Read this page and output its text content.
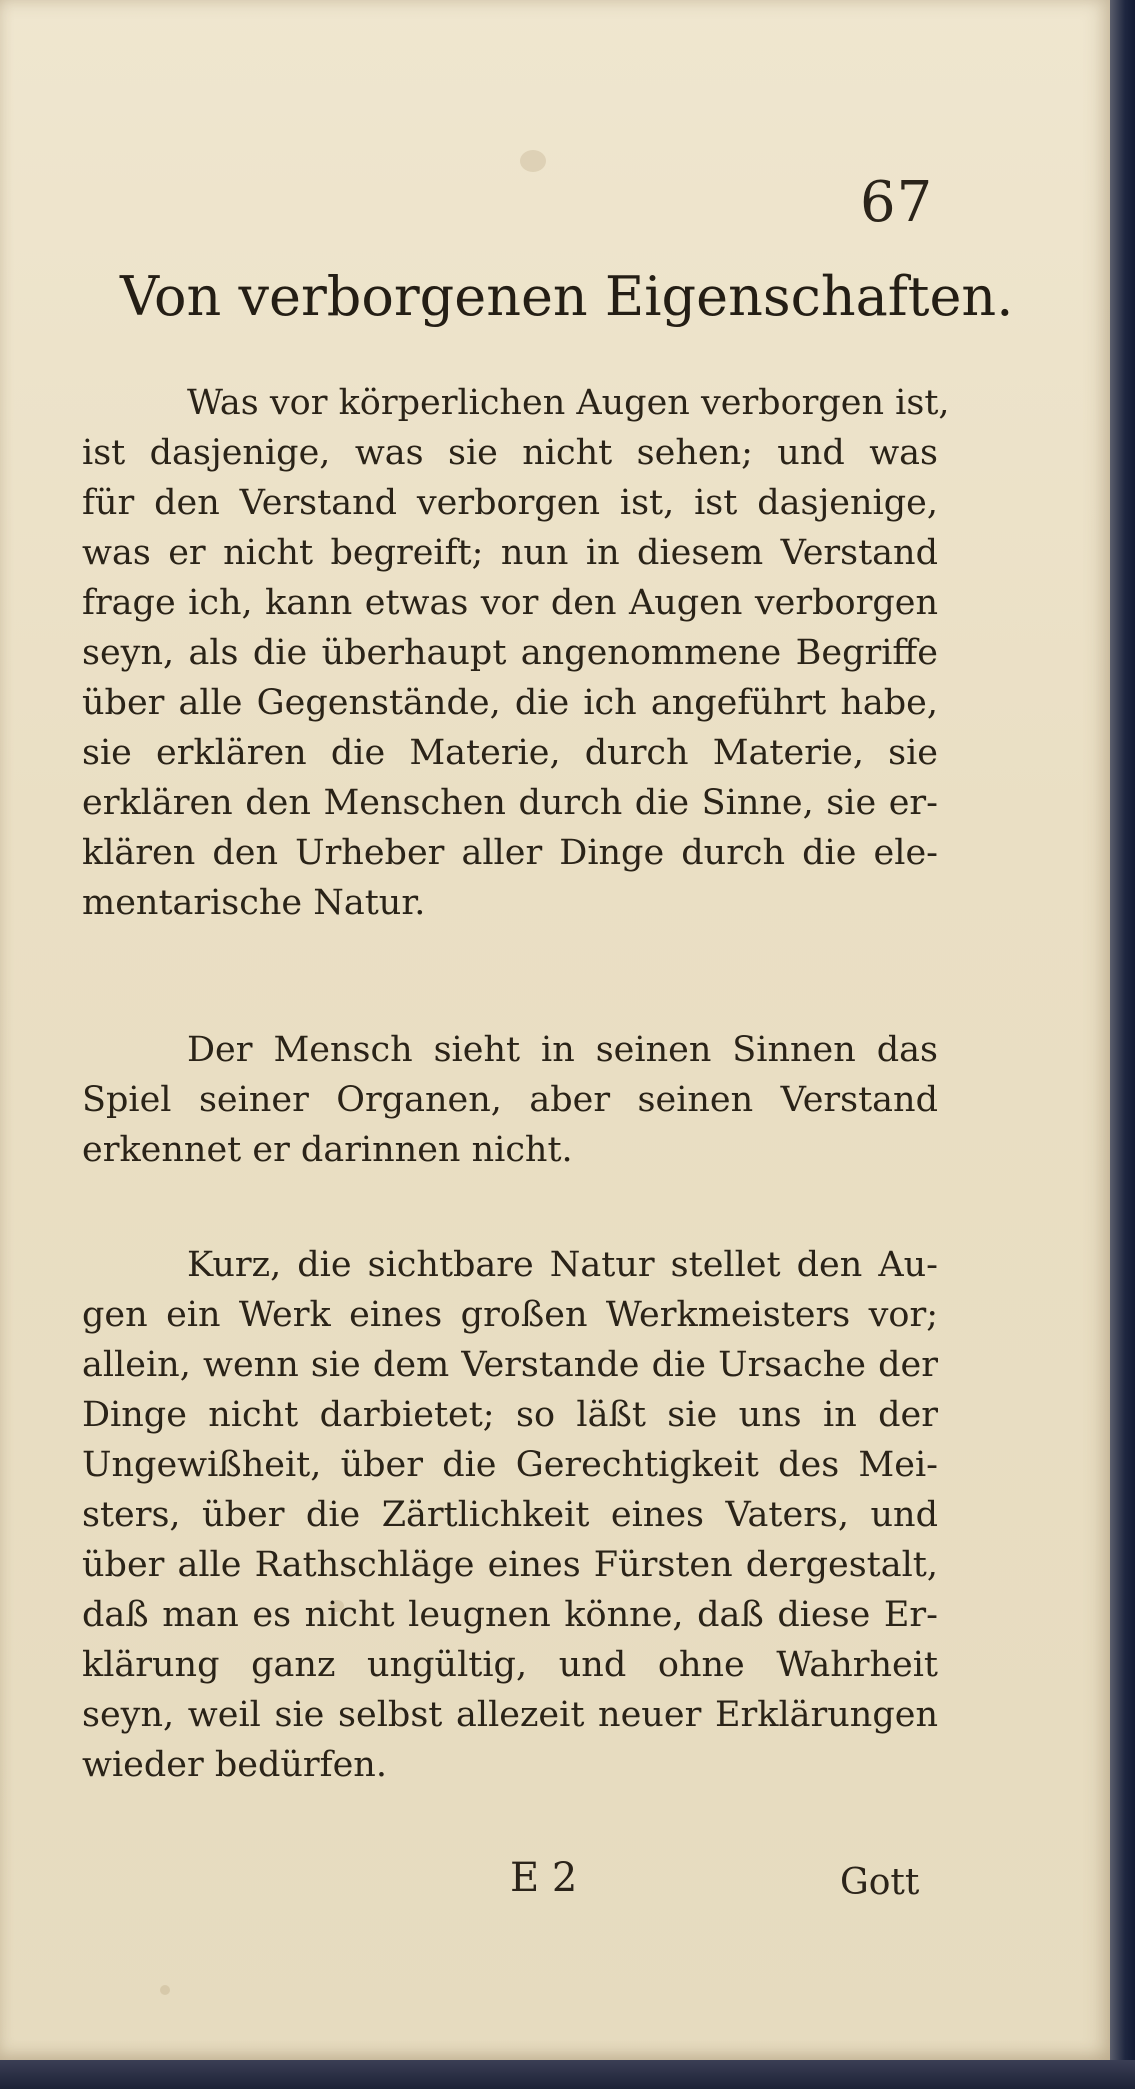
67
Von verborgenen Eigenschaften.
Was vor körperlichen Augen verborgen ist,
ist dasjenige, was sie nicht sehen; und was
für den Verstand verborgen ist, ist dasjenige,
was er nicht begreift; nun in diesem Verstand
frage ich, kann etwas vor den Augen verborgen
seyn, als die überhaupt angenommene Begriffe
über alle Gegenstände, die ich angeführt habe,
sie erklären die Materie, durch Materie, sie
erklären den Menschen durch die Sinne, sie er-
klären den Urheber aller Dinge durch die ele-
mentarische Natur.
Der Mensch sieht in seinen Sinnen das
Spiel seiner Organen, aber seinen Verstand
erkennet er darinnen nicht.
Kurz, die sichtbare Natur stellet den Au-
gen ein Werk eines großen Werkmeisters vor;
allein, wenn sie dem Verstande die Ursache der
Dinge nicht darbietet; so läßt sie uns in der
Ungewißheit, über die Gerechtigkeit des Mei-
sters, über die Zärtlichkeit eines Vaters, und
über alle Rathschläge eines Fürsten dergestalt,
daß man es nicht leugnen könne, daß diese Er-
klärung ganz ungültig, und ohne Wahrheit
seyn, weil sie selbst allezeit neuer Erklärungen
wieder bedürfen.
E 2	Gott
